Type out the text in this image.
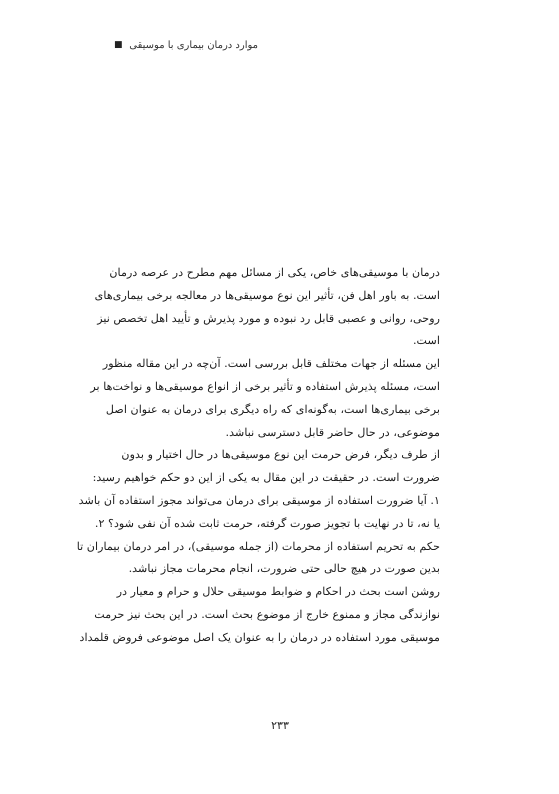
موارد درمان بیماری با موسیقی
■

درمان با موسیقی‌های خاص، یکی از مسائل مهم مطرح در عرصه درمان
است. به باور اهل فن، تأثیر این نوع موسیقی‌ها در معالجه برخی بیماری‌های
روحی، روانی و عصبی قابل رد نبوده و مورد پذیرش و تأیید اهل تخصص نیز
است.

این مسئله از جهات مختلف قابل بررسی است. آن‌چه در این مقاله منظور
است، مسئله پذیرش استفاده و تأثیر برخی از انواع موسیقی‌ها و نواخت‌ها بر
برخی بیماری‌ها است، به‌گونه‌ای که راه دیگری برای درمان به عنوان اصل
موضوعی، در حال حاضر قابل دسترسی نباشد.

از طرف دیگر، فرض حرمت این نوع موسیقی‌ها در حال اختیار و بدون
ضرورت است. در حقیقت در این مقال به یکی از این دو حکم خواهیم رسید:
۱. آیا ضرورت استفاده از موسیقی برای درمان می‌تواند مجوز استفاده آن باشد
یا نه، تا در نهایت با تجویز صورت گرفته، حرمت ثابت شده آن نفی شود؟ ۲.
حکم به تحریم استفاده از محرمات (از جمله موسیقی)، در امر درمان بیماران تا
بدین صورت در هیچ حالی حتی ضرورت، انجام محرمات مجاز نباشد.

روشن است بحث در احکام و ضوابط موسیقی حلال و حرام و معیار در
نوازندگی مجاز و ممنوع خارج از موضوع بحث است. در این بحث نیز حرمت
موسیقی مورد استفاده در درمان را به عنوان یک اصل موضوعی فروض قلمداد

۲۳۳
